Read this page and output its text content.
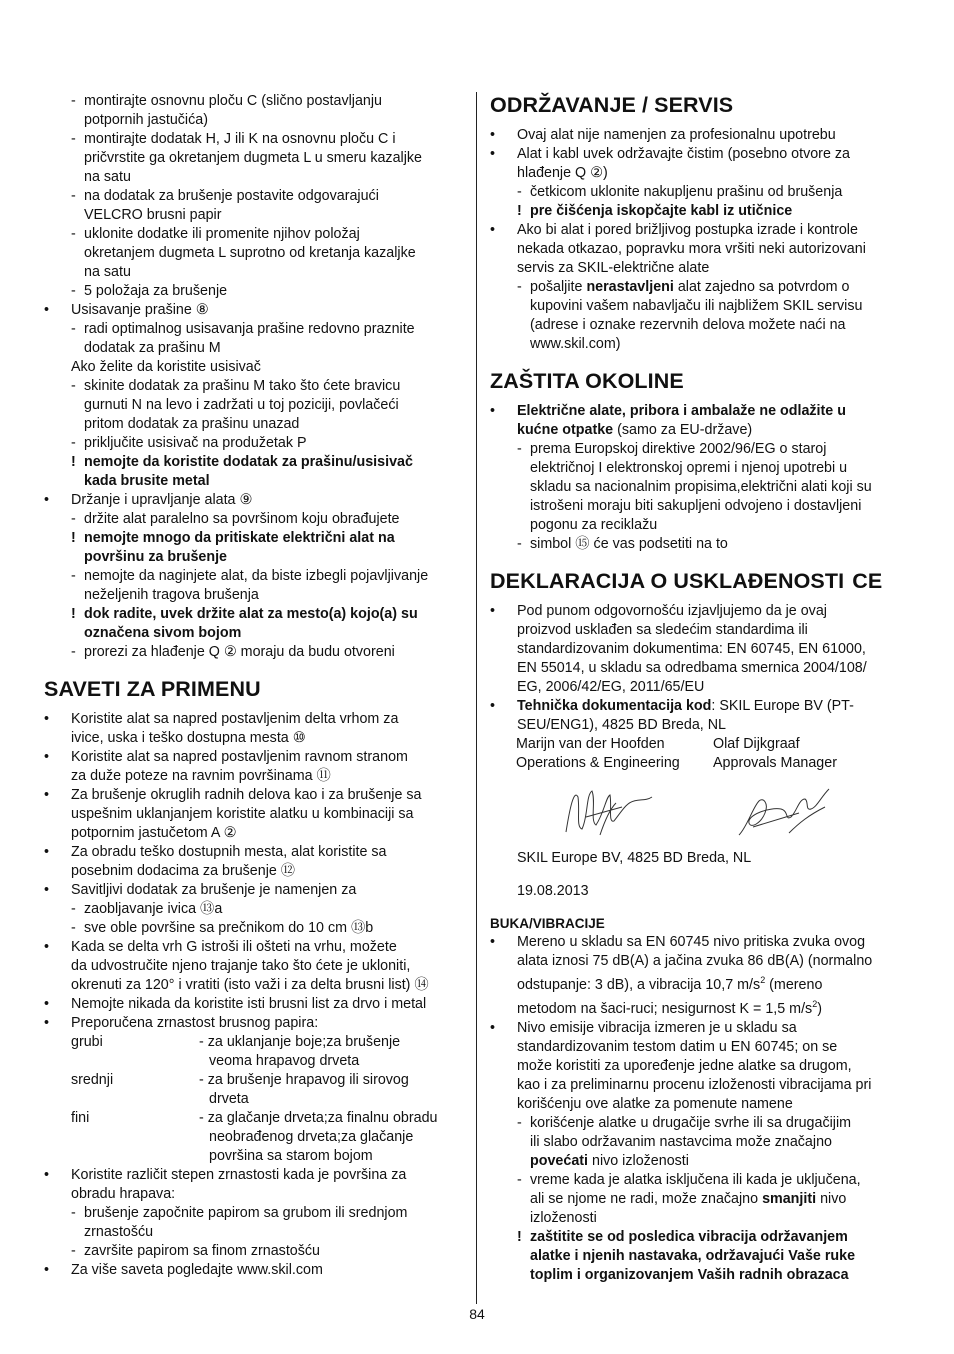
- montirajte osnovnu ploču C (slično postavljanju
potpornih jastučića)
- montirajte dodatak H, J ili K na osnovnu ploču C i
pričvrstite ga okretanjem dugmeta L u smeru kazaljke
na satu
- na dodatak za brušenje postavite odgovarajući
VELCRO brusni papir
- uklonite dodatke ili promenite njihov položaj
okretanjem dugmeta L suprotno od kretanja kazaljke
na satu
- 5 položaja za brušenje
• Usisavanje prašine ⑧
- radi optimalnog usisavanja prašine redovno praznite
dodatak za prašinu M
Ako želite da koristite usisivač
- skinite dodatak za prašinu M tako što ćete bravicu
gurnuti N na levo i zadržati u toj poziciji, povlačeći
pritom dodatak za prašinu unazad
- priključite usisivač na produžetak P
! nemojte da koristite dodatak za prašinu/usisivač
kada brusite metal
• Držanje i upravljanje alata ⑨
- držite alat paralelno sa površinom koju obrađujete
! nemojte mnogo da pritiskate električni alat na
površinu za brušenje
- nemojte da naginjete alat, da biste izbegli pojavljivanje
neželjenih tragova brušenja
! dok radite, uvek držite alat za mesto(a) kojo(a) su
označena sivom bojom
- prorezi za hlađenje Q ② moraju da budu otvoreni
SAVETI ZA PRIMENU
• Koristite alat sa napred postavljenim delta vrhom za
ivice, uska i teško dostupna mesta ⑩
• Koristite alat sa napred postavljenim ravnom stranom
za duže poteze na ravnim površinama ⑪
• Za brušenje okruglih radnih delova kao i za brušenje sa
uspešnim uklanjanjem koristite alatku u kombinaciji sa
potpornim jastučetom A ②
• Za obradu teško dostupnih mesta, alat koristite sa
posebnim dodacima za brušenje ⑫
• Savitljivi dodatak za brušenje je namenjen za
- zaobljavanje ivica ⑬a
- sve oble površine sa prečnikom do 10 cm ⑬b
• Kada se delta vrh G istroši ili ošteti na vrhu, možete
da udvostručite njeno trajanje tako što ćete je ukloniti,
okrenuti za 120° i vratiti (isto važi i za delta brusni list) ⑭
• Nemojte nikada da koristite isti brusni list za drvo i metal
• Preporučena zrnastost brusnog papira:
grubi	- za uklanjanje boje;za brušenje
veoma hrapavog drveta
srednji	- za brušenje hrapavog ili sirovog
drveta
fini	- za glačanje drveta;za finalnu obradu
neobrađenog drveta;za glačanje
površina sa starom bojom
• Koristite različit stepen zrnastosti kada je površina za
obradu hrapava:
- brušenje započnite papirom sa grubom ili srednjom
zrnastošću
- završite papirom sa finom zrnastošću
• Za više saveta pogledajte www.skil.com
ODRŽAVANJE / SERVIS
• Ovaj alat nije namenjen za profesionalnu upotrebu
• Alat i kabl uvek održavajte čistim (posebno otvore za
hlađenje Q ②)
- četkicom uklonite nakupljenu prašinu od brušenja
! pre čišćenja iskopčajte kabl iz utičnice
• Ako bi alat i pored brižljivog postupka izrade i kontrole
nekada otkazao, popravku mora vršiti neki autorizovani
servis za SKIL-električne alate
- pošaljite nerastavljeni alat zajedno sa potvrdom o
kupovini vašem nabavljaču ili najbližem SKIL servisu
(adrese i oznake rezervnih delova možete naći na
www.skil.com)
ZAŠTITA OKOLINE
• Električne alate, pribora i ambalaže ne odlažite u
kućne otpatke (samo za EU-države)
- prema Europskoj direktive 2002/96/EG o staroj
električnoj I elektronskoj opremi i njenoj upotrebi u
skladu sa nacionalnim propisima,električni alati koji su
istrošeni moraju biti sakupljeni odvojeno i dostavljeni
pogonu za reciklažu
- simbol ⑮ će vas podsetiti na to
DEKLARACIJA O USKLAĐENOSTI CE
• Pod punom odgovornošću izjavljujemo da je ovaj
proizvod usklađen sa sledećim standardima ili
standardizovanim dokumentima: EN 60745, EN 61000,
EN 55014, u skladu sa odredbama smernica 2004/108/
EG, 2006/42/EG, 2011/65/EU
• Tehnička dokumentacija kod: SKIL Europe BV (PT-
SEU/ENG1), 4825 BD Breda, NL
Marijn van der Hoofden
Operations & Engineering
Olaf Dijkgraaf
Approvals Manager
SKIL Europe BV, 4825 BD Breda, NL
19.08.2013
BUKA/VIBRACIJE
• Mereno u skladu sa EN 60745 nivo pritiska zvuka ovog
alata iznosi 75 dB(A) a jačina zvuka 86 dB(A) (normalno
odstupanje: 3 dB), a vibracija 10,7 $m/s^2$ (mereno
metodom na šaci-ruci; nesigurnost K = 1,5 $m/s^2$)
• Nivo emisije vibracija izmeren je u skladu sa
standardizovanim testom datim u EN 60745; on se
može koristiti za upoređenje jedne alatke sa drugom,
kao i za preliminarnu procenu izloženosti vibracijama pri
korišćenju ove alatke za pomenute namene
- korišćenje alatke u drugačije svrhe ili sa drugačijim
ili slabo održavanim nastavcima može značajno
povećati nivo izloženosti
- vreme kada je alatka isključena ili kada je uključena,
ali se njome ne radi, može značajno smanjiti nivo
izloženosti
! zaštitite se od posledica vibracija održavanjem
alatke i njenih nastavaka, održavajući Vaše ruke
toplim i organizovanjem Vaših radnih obrazaca
84
